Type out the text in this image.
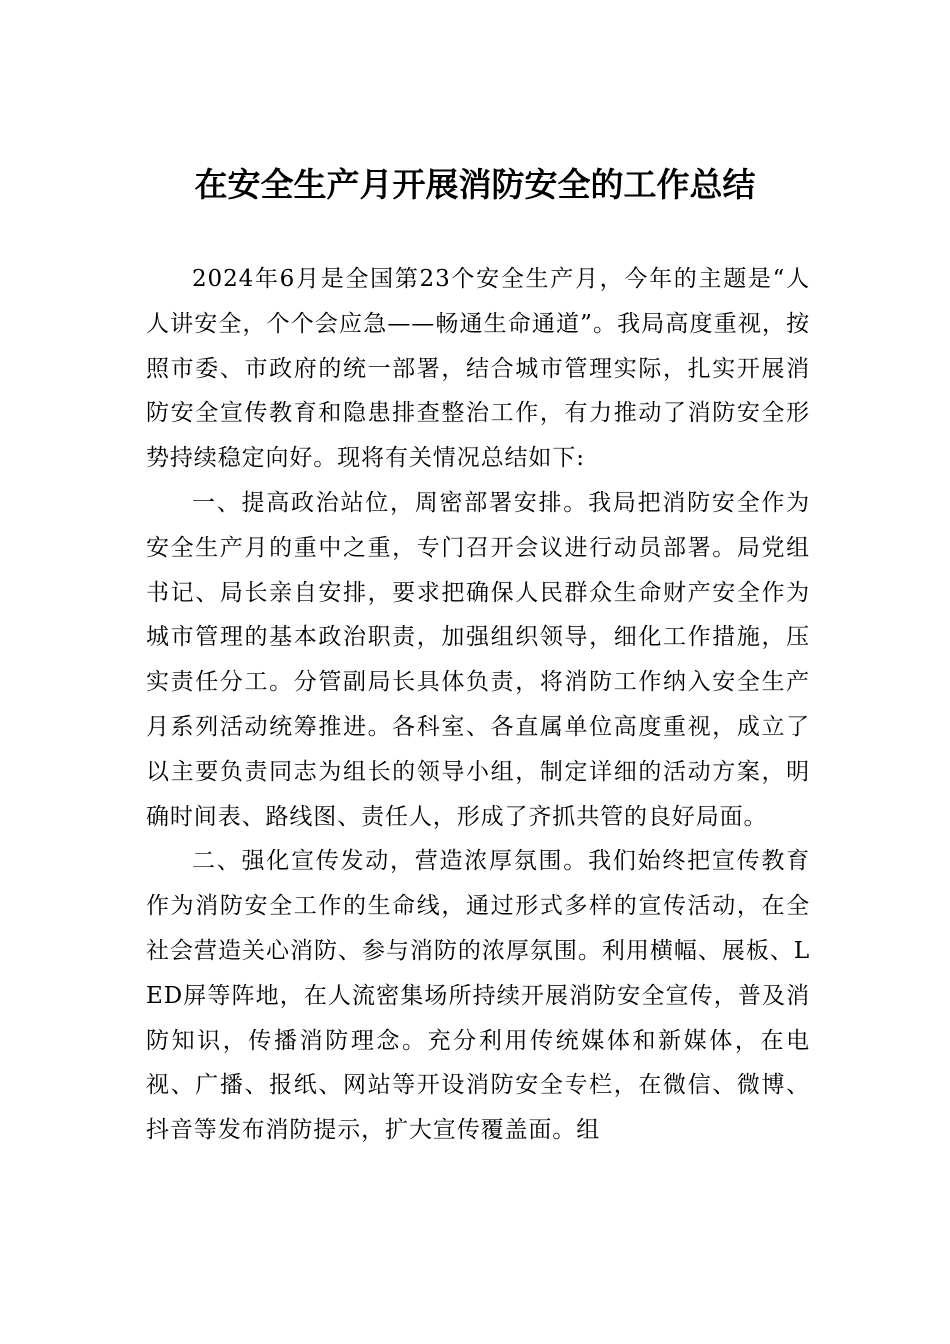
在安全生产月开展消防安全的工作总结

2024年6月是全国第23个安全生产月，今年的主题是“人人讲安全，个个会应急——畅通生命通道”。我局高度重视，按照市委、市政府的统一部署，结合城市管理实际，扎实开展消防安全宣传教育和隐患排查整治工作，有力推动了消防安全形势持续稳定向好。现将有关情况总结如下:

一、提高政治站位，周密部署安排。我局把消防安全作为安全生产月的重中之重，专门召开会议进行动员部署。局党组书记、局长亲自安排，要求把确保人民群众生命财产安全作为城市管理的基本政治职责，加强组织领导，细化工作措施，压实责任分工。分管副局长具体负责，将消防工作纳入安全生产月系列活动统筹推进。各科室、各直属单位高度重视，成立了以主要负责同志为组长的领导小组，制定详细的活动方案，明确时间表、路线图、责任人，形成了齐抓共管的良好局面。

二、强化宣传发动，营造浓厚氛围。我们始终把宣传教育作为消防安全工作的生命线，通过形式多样的宣传活动，在全社会营造关心消防、参与消防的浓厚氛围。利用横幅、展板、LED屏等阵地，在人流密集场所持续开展消防安全宣传，普及消防知识，传播消防理念。充分利用传统媒体和新媒体，在电视、广播、报纸、网站等开设消防安全专栏，在微信、微博、抖音等发布消防提示，扩大宣传覆盖面。组
